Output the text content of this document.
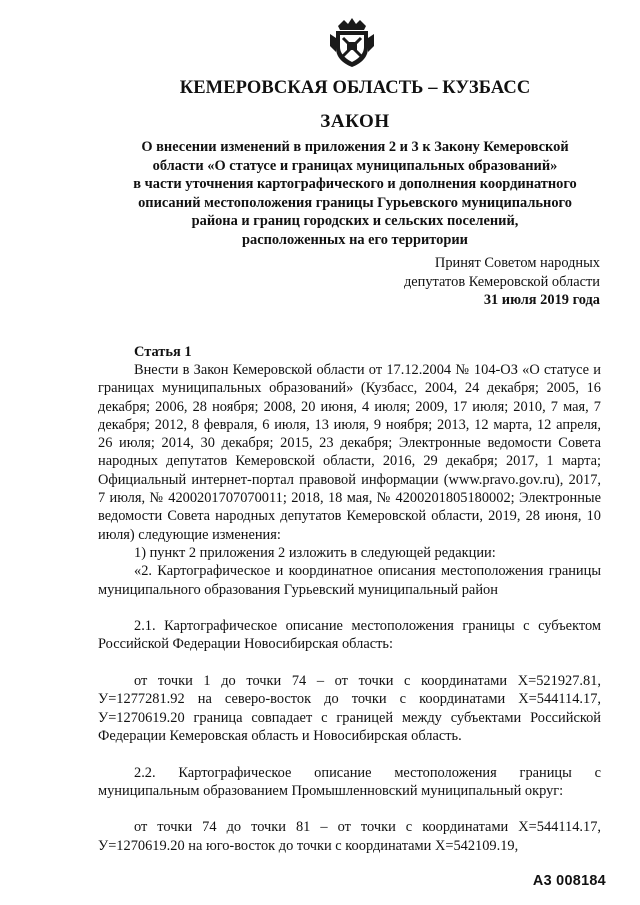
КЕМЕРОВСКАЯ ОБЛАСТЬ – КУЗБАСС
ЗАКОН
О внесении изменений в приложения 2 и 3 к Закону Кемеровской
области «О статусе и границах муниципальных образований»
в части уточнения картографического и дополнения координатного
описаний местоположения границы Гурьевского муниципального
района и границ городских и сельских поселений,
расположенных на его территории
Принят Советом народных
депутатов Кемеровской области
31 июля 2019 года
Статья 1

Внести в Закон Кемеровской области от 17.12.2004 № 104-ОЗ «О статусе и границах муниципальных образований» (Кузбасс, 2004, 24 декабря; 2005, 16 декабря; 2006, 28 ноября; 2008, 20 июня, 4 июля; 2009, 17 июля; 2010, 7 мая, 7 декабря; 2012, 8 февраля, 6 июля, 13 июля, 9 ноября; 2013, 12 марта, 12 апреля, 26 июля; 2014, 30 декабря; 2015, 23 декабря; Электронные ведомости Совета народных депутатов Кемеровской области, 2016, 29 декабря; 2017, 1 марта; Официальный интернет-портал правовой информации (www.pravo.gov.ru), 2017, 7 июля, № 4200201707070011; 2018, 18 мая, № 4200201805180002; Электронные ведомости Совета народных депутатов Кемеровской области, 2019, 28 июня, 10 июля) следующие изменения:

1) пункт 2 приложения 2 изложить в следующей редакции:

«2. Картографическое и координатное описания местоположения границы муниципального образования Гурьевский муниципальный район

2.1. Картографическое описание местоположения границы с субъектом Российской Федерации Новосибирская область:

от точки 1 до точки 74 – от точки с координатами Х=521927.81, У=1277281.92 на северо-восток до точки с координатами Х=544114.17, У=1270619.20 граница совпадает с границей между субъектами Российской Федерации Кемеровская область и Новосибирская область.

2.2. Картографическое описание местоположения границы с муниципальным образованием Промышленновский муниципальный округ:

от точки 74 до точки 81 – от точки с координатами Х=544114.17, У=1270619.20 на юго-восток до точки с координатами Х=542109.19,

А3 008184
